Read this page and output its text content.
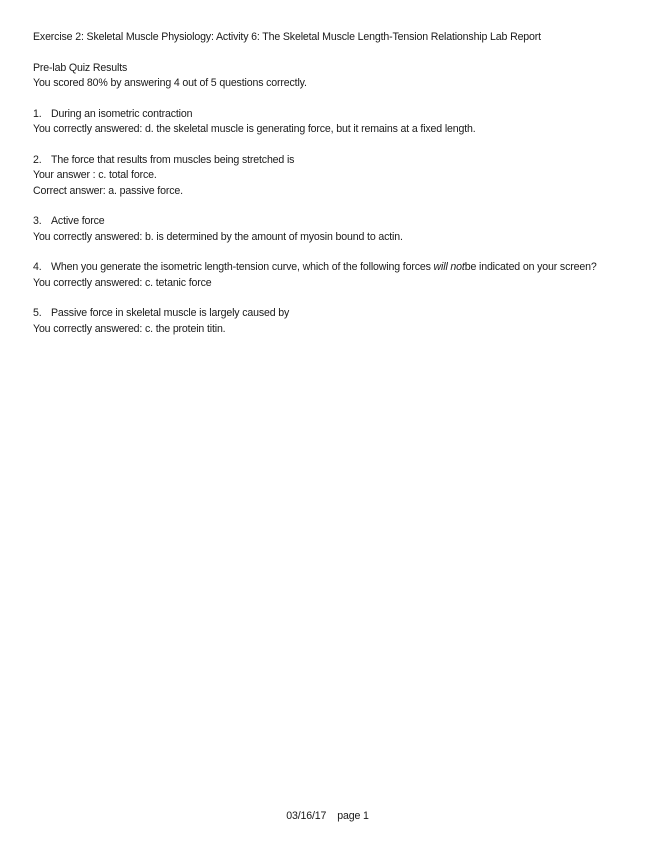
Exercise 2: Skeletal Muscle Physiology: Activity 6: The Skeletal Muscle Length-Tension Relationship Lab Report
Pre-lab Quiz Results
You scored 80% by answering 4 out of 5 questions correctly.
1. During an isometric contraction
You correctly answered: d. the skeletal muscle is generating force, but it remains at a fixed length.
2. The force that results from muscles being stretched is
Your answer : c. total force.
Correct answer: a. passive force.
3. Active force
You correctly answered: b. is determined by the amount of myosin bound to actin.
4. When you generate the isometric length-tension curve, which of the following forces will notbe indicated on your screen?
You correctly answered: c. tetanic force
5. Passive force in skeletal muscle is largely caused by
You correctly answered: c. the protein titin.
03/16/17 page 1
